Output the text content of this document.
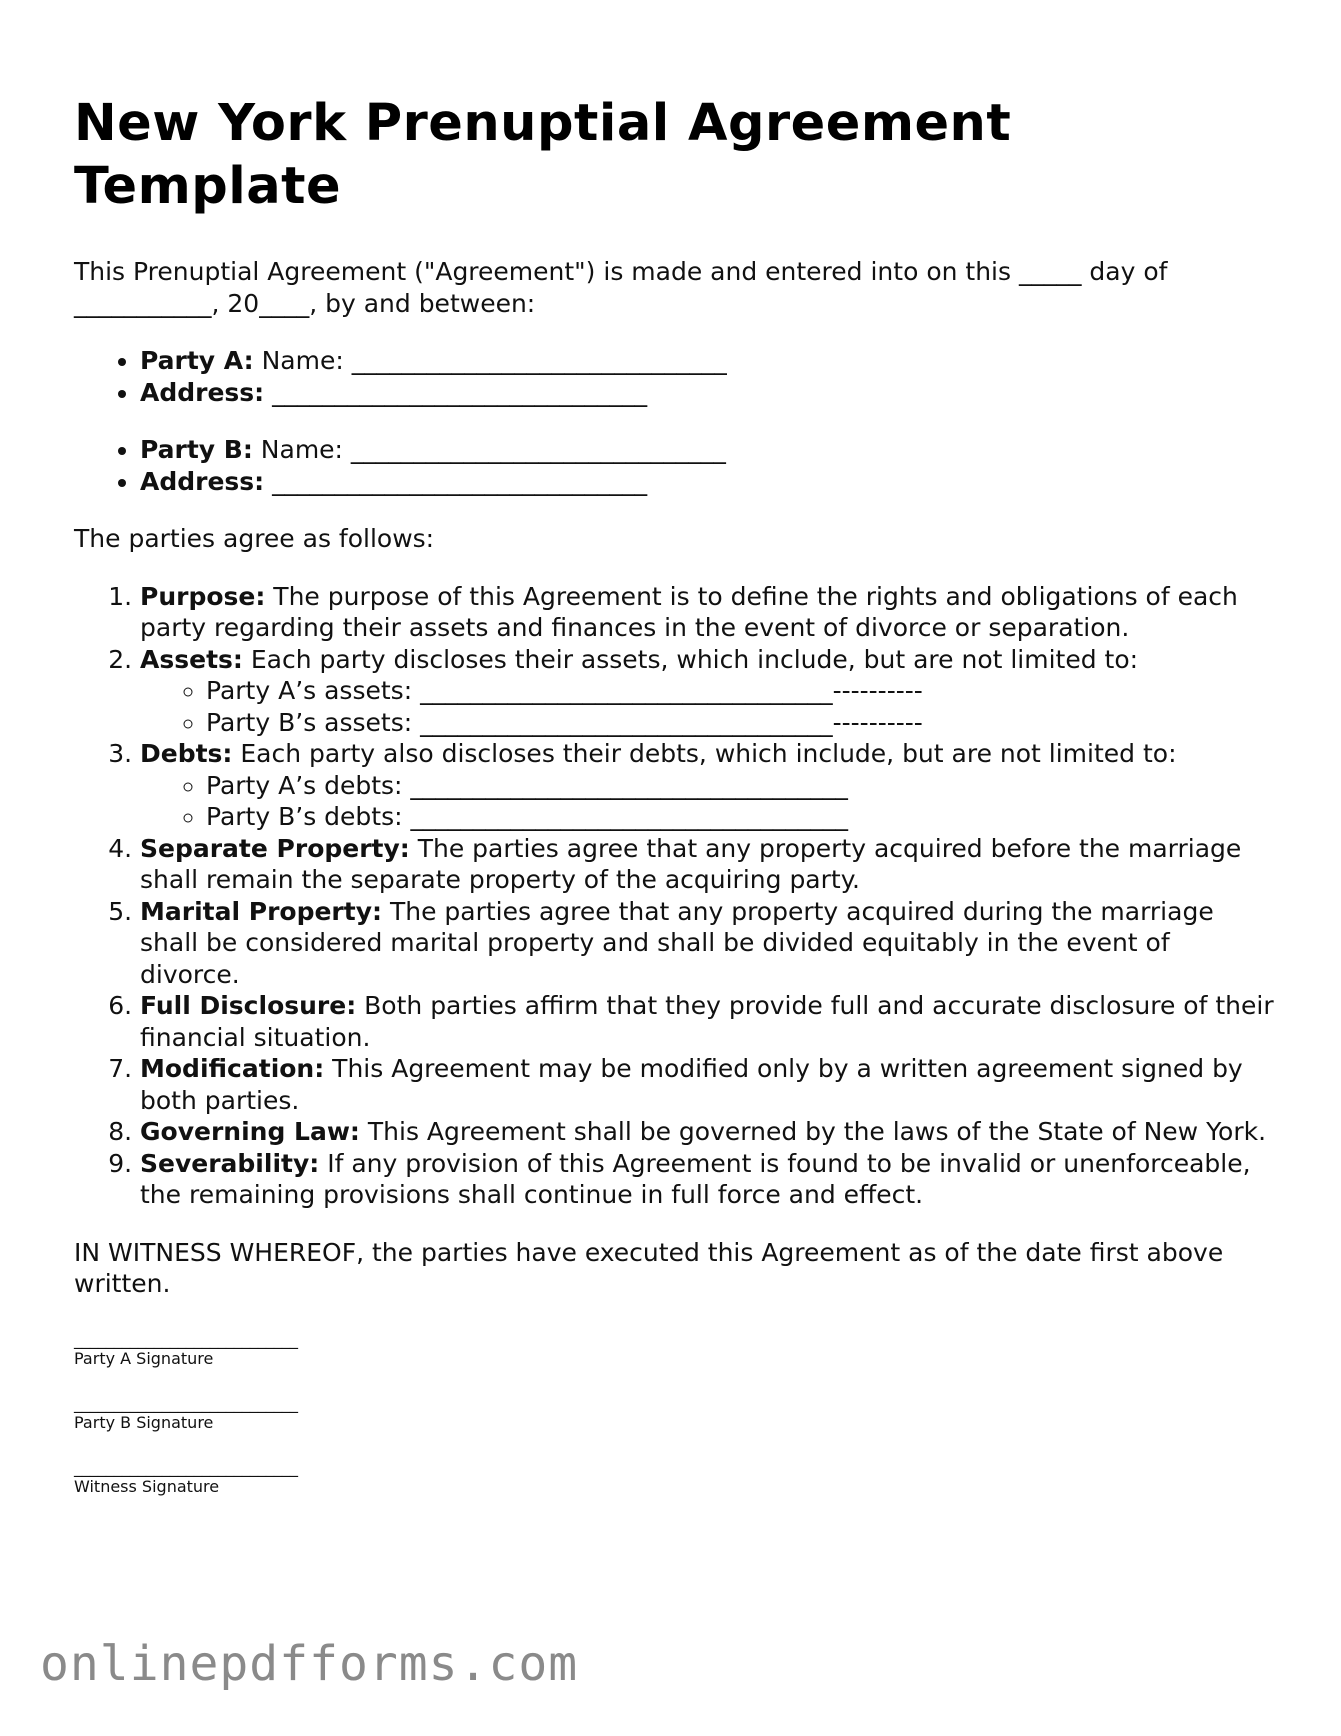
New York Prenuptial Agreement Template

This Prenuptial Agreement ("Agreement") is made and entered into on this _____ day of ___________, 20____, by and between:

• Party A: Name: ______________________________
• Address: ______________________________
• Party B: Name: ______________________________
• Address: ______________________________

The parties agree as follows:

1. Purpose: The purpose of this Agreement is to define the rights and obligations of each party regarding their assets and finances in the event of divorce or separation.
2. Assets: Each party discloses their assets, which include, but are not limited to:
◦ Party A’s assets: _________________________________----------
◦ Party B’s assets: _________________________________----------
3. Debts: Each party also discloses their debts, which include, but are not limited to:
◦ Party A’s debts: ___________________________________
◦ Party B’s debts: ___________________________________
4. Separate Property: The parties agree that any property acquired before the marriage shall remain the separate property of the acquiring party.
5. Marital Property: The parties agree that any property acquired during the marriage shall be considered marital property and shall be divided equitably in the event of divorce.
6. Full Disclosure: Both parties affirm that they provide full and accurate disclosure of their financial situation.
7. Modification: This Agreement may be modified only by a written agreement signed by both parties.
8. Governing Law: This Agreement shall be governed by the laws of the State of New York.
9. Severability: If any provision of this Agreement is found to be invalid or unenforceable, the remaining provisions shall continue in full force and effect.

IN WITNESS WHEREOF, the parties have executed this Agreement as of the date first above written.

____________________________
Party A Signature
____________________________
Party B Signature
____________________________
Witness Signature
onlinepdfforms.com
